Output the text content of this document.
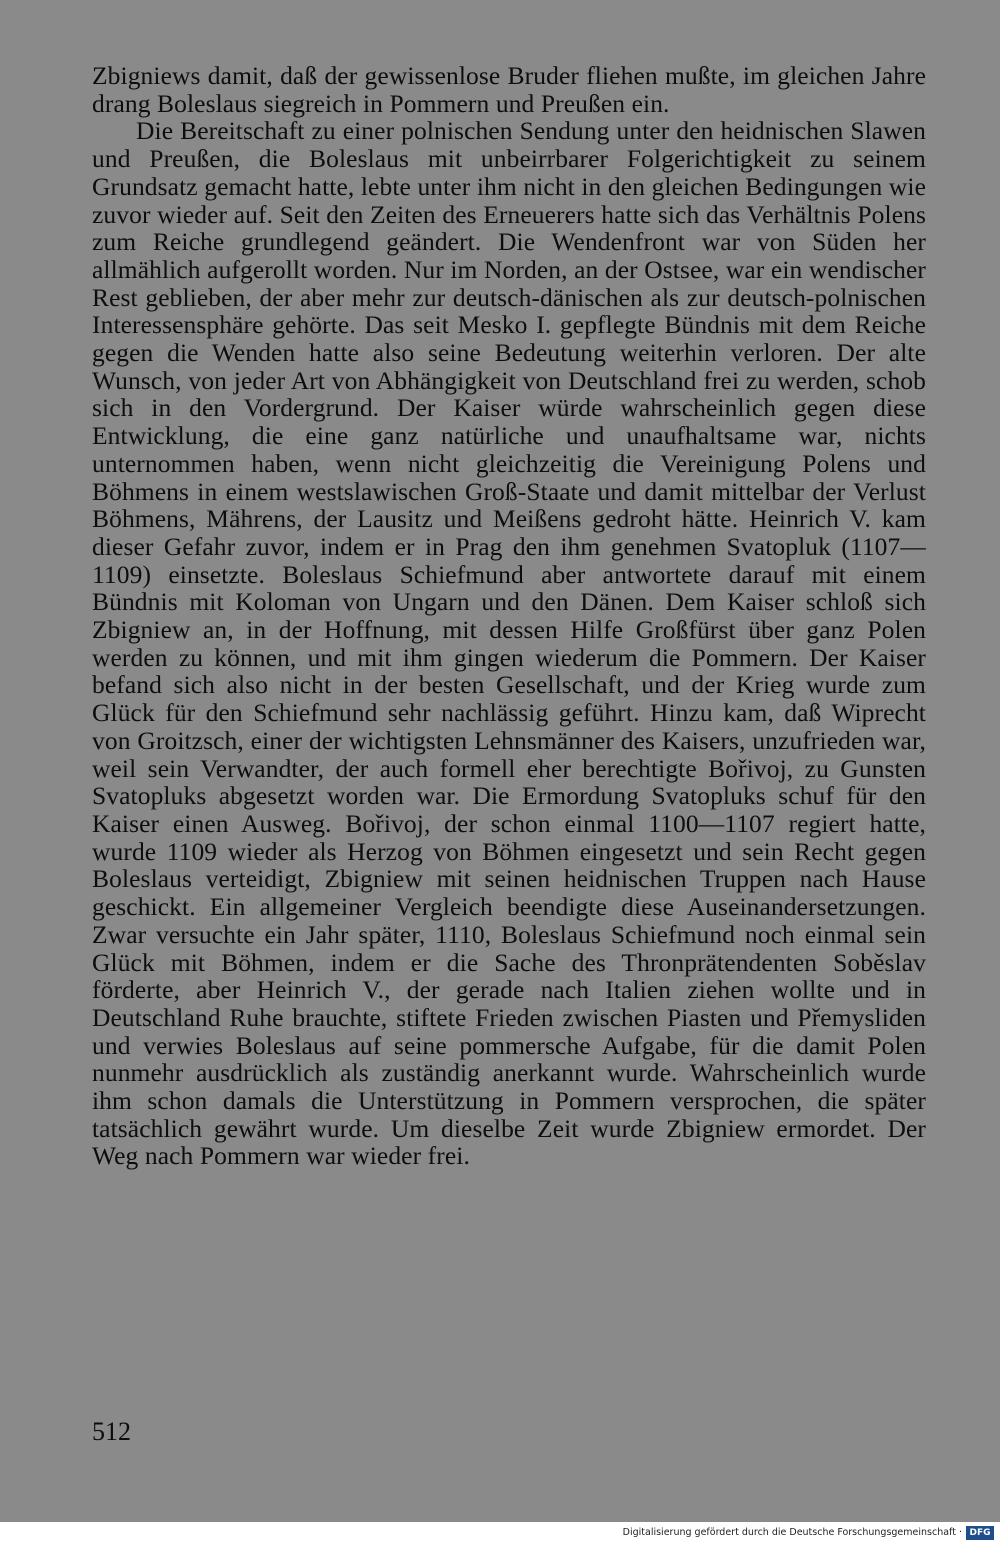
Zbigniews damit, daß der gewissenlose Bruder fliehen mußte, im gleichen Jahre drang Boleslaus siegreich in Pommern und Preußen ein.

Die Bereitschaft zu einer polnischen Sendung unter den heidnischen Slawen und Preußen, die Boleslaus mit unbeirrbarer Folgerichtigkeit zu seinem Grundsatz gemacht hatte, lebte unter ihm nicht in den gleichen Bedingungen wie zuvor wieder auf. Seit den Zeiten des Erneuerers hatte sich das Verhältnis Polens zum Reiche grundlegend geändert. Die Wendenfront war von Süden her allmählich aufgerollt worden. Nur im Norden, an der Ostsee, war ein wendischer Rest geblieben, der aber mehr zur deutsch-dänischen als zur deutsch-polnischen Interessensphäre gehörte. Das seit Mesko I. gepflegte Bündnis mit dem Reiche gegen die Wenden hatte also seine Bedeutung weiterhin verloren. Der alte Wunsch, von jeder Art von Abhängigkeit von Deutschland frei zu werden, schob sich in den Vordergrund. Der Kaiser würde wahrscheinlich gegen diese Entwicklung, die eine ganz natürliche und unaufhaltsame war, nichts unternommen haben, wenn nicht gleichzeitig die Vereinigung Polens und Böhmens in einem westslawischen Groß-Staate und damit mittelbar der Verlust Böhmens, Mährens, der Lausitz und Meißens gedroht hätte. Heinrich V. kam dieser Gefahr zuvor, indem er in Prag den ihm genehmen Svatopluk (1107—1109) einsetzte. Boleslaus Schiefmund aber antwortete darauf mit einem Bündnis mit Koloman von Ungarn und den Dänen. Dem Kaiser schloß sich Zbigniew an, in der Hoffnung, mit dessen Hilfe Großfürst über ganz Polen werden zu können, und mit ihm gingen wiederum die Pommern. Der Kaiser befand sich also nicht in der besten Gesellschaft, und der Krieg wurde zum Glück für den Schiefmund sehr nachlässig geführt. Hinzu kam, daß Wiprecht von Groitzsch, einer der wichtigsten Lehnsmänner des Kaisers, unzufrieden war, weil sein Verwandter, der auch formell eher berechtigte Bořivoj, zu Gunsten Svatopluks abgesetzt worden war. Die Ermordung Svatopluks schuf für den Kaiser einen Ausweg. Bořivoj, der schon einmal 1100—1107 regiert hatte, wurde 1109 wieder als Herzog von Böhmen eingesetzt und sein Recht gegen Boleslaus verteidigt, Zbigniew mit seinen heidnischen Truppen nach Hause geschickt. Ein allgemeiner Vergleich beendigte diese Auseinandersetzungen. Zwar versuchte ein Jahr später, 1110, Boleslaus Schiefmund noch einmal sein Glück mit Böhmen, indem er die Sache des Thronprätendenten Soběslav förderte, aber Heinrich V., der gerade nach Italien ziehen wollte und in Deutschland Ruhe brauchte, stiftete Frieden zwischen Piasten und Přemysliden und verwies Boleslaus auf seine pommersche Aufgabe, für die damit Polen nunmehr ausdrücklich als zuständig anerkannt wurde. Wahrscheinlich wurde ihm schon damals die Unterstützung in Pommern versprochen, die später tatsächlich gewährt wurde. Um dieselbe Zeit wurde Zbigniew ermordet. Der Weg nach Pommern war wieder frei.

512
Digitalisierung gefördert durch die Deutsche Forschungsgemeinschaft · DFG
